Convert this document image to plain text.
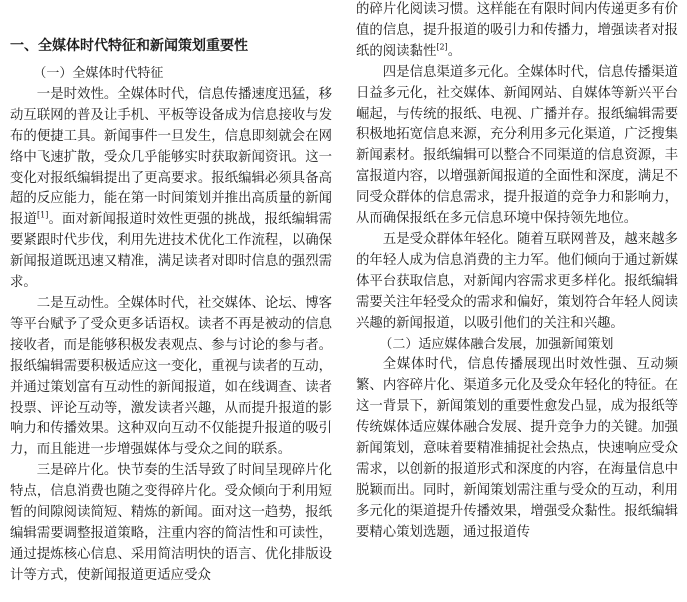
一、全媒体时代特征和新闻策划重要性
（一）全媒体时代特征

一是时效性。全媒体时代，信息传播速度迅猛，移动互联网的普及让手机、平板等设备成为信息接收与发布的便捷工具。新闻事件一旦发生，信息即刻就会在网络中飞速扩散，受众几乎能够实时获取新闻资讯。这一变化对报纸编辑提出了更高要求。报纸编辑必须具备高超的反应能力，能在第一时间策划并推出高质量的新闻报道[1]。面对新闻报道时效性更强的挑战，报纸编辑需要紧跟时代步伐，利用先进技术优化工作流程，以确保新闻报道既迅速又精准，满足读者对即时信息的强烈需求。

二是互动性。全媒体时代，社交媒体、论坛、博客等平台赋予了受众更多话语权。读者不再是被动的信息接收者，而是能够积极发表观点、参与讨论的参与者。报纸编辑需要积极适应这一变化，重视与读者的互动，并通过策划富有互动性的新闻报道，如在线调查、读者投票、评论互动等，激发读者兴趣，从而提升报道的影响力和传播效果。这种双向互动不仅能提升报道的吸引力，而且能进一步增强媒体与受众之间的联系。

三是碎片化。快节奏的生活导致了时间呈现碎片化特点，信息消费也随之变得碎片化。受众倾向于利用短暂的间隙阅读简短、精炼的新闻。面对这一趋势，报纸编辑需要调整报道策略，注重内容的简洁性和可读性，通过提炼核心信息、采用简洁明快的语言、优化排版设计等方式，使新闻报道更适应受众

的碎片化阅读习惯。这样能在有限时间内传递更多有价值的信息，提升报道的吸引力和传播力，增强读者对报纸的阅读黏性[2]。

四是信息渠道多元化。全媒体时代，信息传播渠道日益多元化，社交媒体、新闻网站、自媒体等新兴平台崛起，与传统的报纸、电视、广播并存。报纸编辑需要积极地拓宽信息来源，充分利用多元化渠道，广泛搜集新闻素材。报纸编辑可以整合不同渠道的信息资源，丰富报道内容，以增强新闻报道的全面性和深度，满足不同受众群体的信息需求，提升报道的竞争力和影响力，从而确保报纸在多元信息环境中保持领先地位。

五是受众群体年轻化。随着互联网普及，越来越多的年轻人成为信息消费的主力军。他们倾向于通过新媒体平台获取信息，对新闻内容需求更多样化。报纸编辑需要关注年轻受众的需求和偏好，策划符合年轻人阅读兴趣的新闻报道，以吸引他们的关注和兴趣。

（二）适应媒体融合发展，加强新闻策划

全媒体时代，信息传播展现出时效性强、互动频繁、内容碎片化、渠道多元化及受众年轻化的特征。在这一背景下，新闻策划的重要性愈发凸显，成为报纸等传统媒体适应媒体融合发展、提升竞争力的关键。加强新闻策划，意味着要精准捕捉社会热点，快速响应受众需求，以创新的报道形式和深度的内容，在海量信息中脱颖而出。同时，新闻策划需注重与受众的互动，利用多元化的渠道提升传播效果，增强受众黏性。报纸编辑要精心策划选题，通过报道传
